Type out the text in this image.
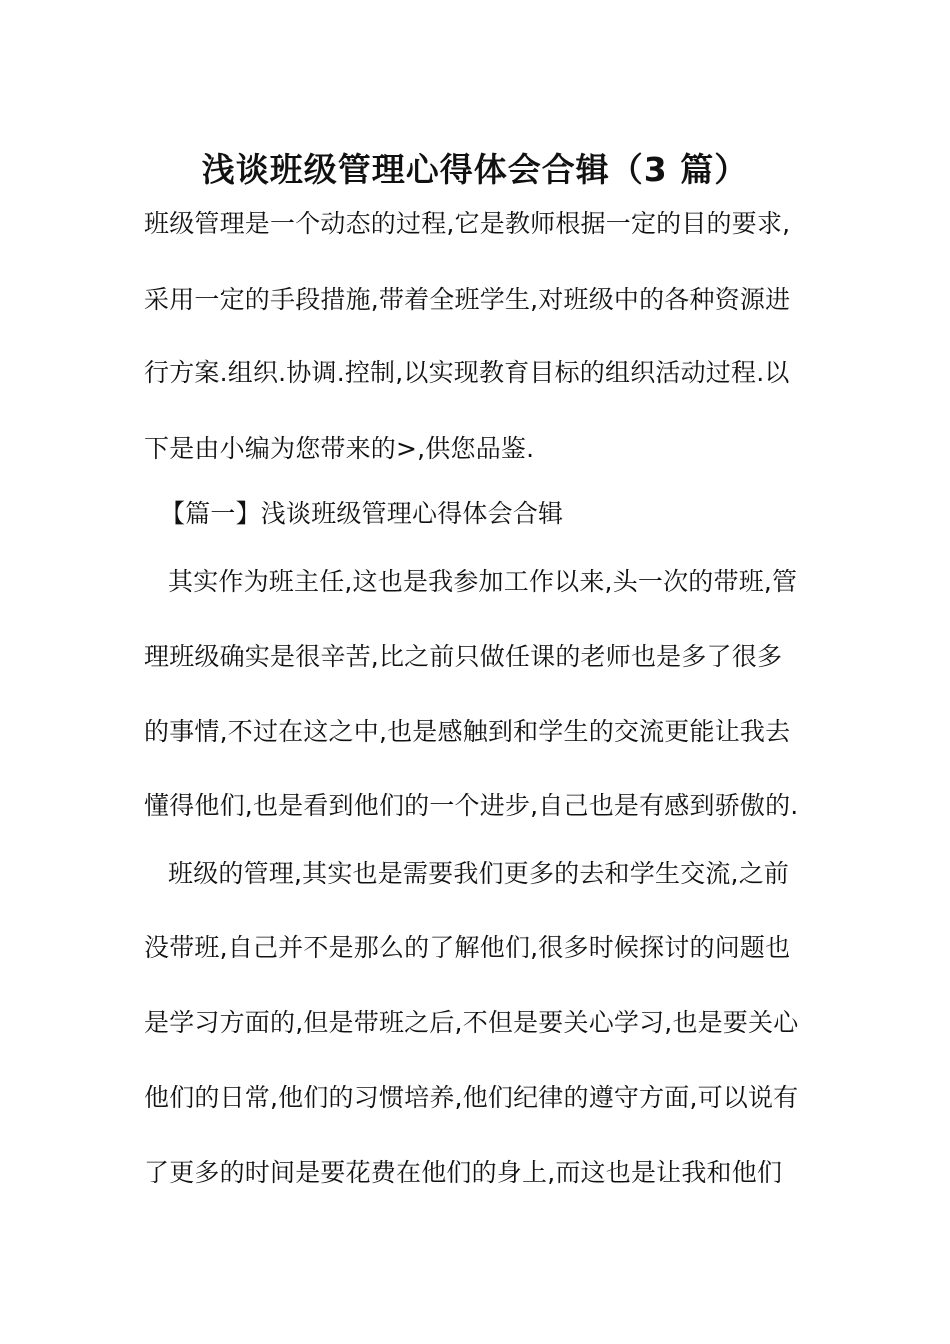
浅谈班级管理心得体会合辑（3 篇）
班级管理是一个动态的过程,它是教师根据一定的目的要求,
采用一定的手段措施,带着全班学生,对班级中的各种资源进
行方案.组织.协调.控制,以实现教育目标的组织活动过程.以
下是由小编为您带来的>,供您品鉴.
【篇一】浅谈班级管理心得体会合辑
其实作为班主任,这也是我参加工作以来,头一次的带班,管
理班级确实是很辛苦,比之前只做任课的老师也是多了很多
的事情,不过在这之中,也是感触到和学生的交流更能让我去
懂得他们,也是看到他们的一个进步,自己也是有感到骄傲的.
班级的管理,其实也是需要我们更多的去和学生交流,之前
没带班,自己并不是那么的了解他们,很多时候探讨的问题也
是学习方面的,但是带班之后,不但是要关心学习,也是要关心
他们的日常,他们的习惯培养,他们纪律的遵守方面,可以说有
了更多的时间是要花费在他们的身上,而这也是让我和他们
